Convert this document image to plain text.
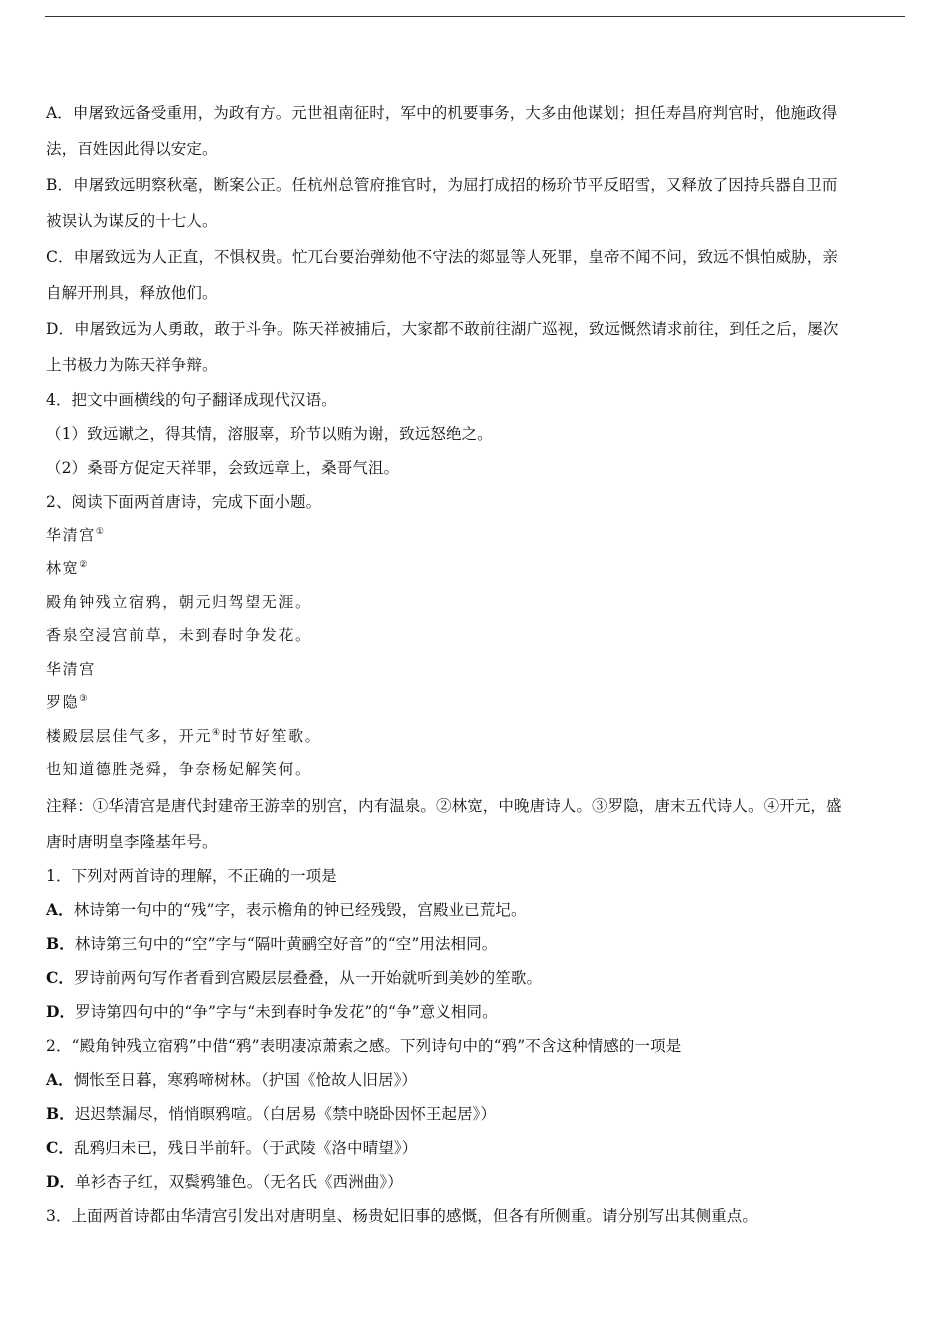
A．申屠致远备受重用，为政有方。元世祖南征时，军中的机要事务，大多由他谋划；担任寿昌府判官时，他施政得
法，百姓因此得以安定。
B．申屠致远明察秋毫，断案公正。任杭州总管府推官时，为屈打成招的杨玠节平反昭雪，又释放了因持兵器自卫而
被误认为谋反的十七人。
C．申屠致远为人正直，不惧权贵。忙兀台要治弹劾他不守法的郯显等人死罪，皇帝不闻不问，致远不惧怕威胁，亲
自解开刑具，释放他们。
D．申屠致远为人勇敢，敢于斗争。陈天祥被捕后，大家都不敢前往湖广巡视，致远慨然请求前往，到任之后，屡次
上书极力为陈天祥争辩。
4．把文中画横线的句子翻译成现代汉语。
（1）致远谳之，得其情，溶服辜，玠节以贿为谢，致远怒绝之。
（2）桑哥方促定天祥罪，会致远章上，桑哥气沮。
2、阅读下面两首唐诗，完成下面小题。
华清宫①
林宽②
殿角钟残立宿鸦，朝元归驾望无涯。
香泉空浸宫前草，未到春时争发花。
华清宫
罗隐③
楼殿层层佳气多，开元④时节好笙歌。
也知道德胜尧舜，争奈杨妃解笑何。
注释：①华清宫是唐代封建帝王游幸的别宫，内有温泉。②林宽，中晚唐诗人。③罗隐，唐末五代诗人。④开元，盛
唐时唐明皇李隆基年号。
1．下列对两首诗的理解，不正确的一项是
A．林诗第一句中的“残”字，表示檐角的钟已经残毁，宫殿业已荒圮。
B．林诗第三句中的“空”字与“隔叶黄鹂空好音”的“空”用法相同。
C．罗诗前两句写作者看到宫殿层层叠叠，从一开始就听到美妙的笙歌。
D．罗诗第四句中的“争”字与“未到春时争发花”的“争”意义相同。
2．“殿角钟残立宿鸦”中借“鸦”表明凄凉萧索之感。下列诗句中的“鸦”不含这种情感的一项是
A．惆怅至日暮，寒鸦啼树林。（护国《怆故人旧居》）
B．迟迟禁漏尽，悄悄暝鸦喧。（白居易《禁中晓卧因怀王起居》）
C．乱鸦归未已，残日半前轩。（于武陵《洛中晴望》）
D．单衫杏子红，双鬓鸦雏色。（无名氏《西洲曲》）
3．上面两首诗都由华清宫引发出对唐明皇、杨贵妃旧事的感慨，但各有所侧重。请分别写出其侧重点。
